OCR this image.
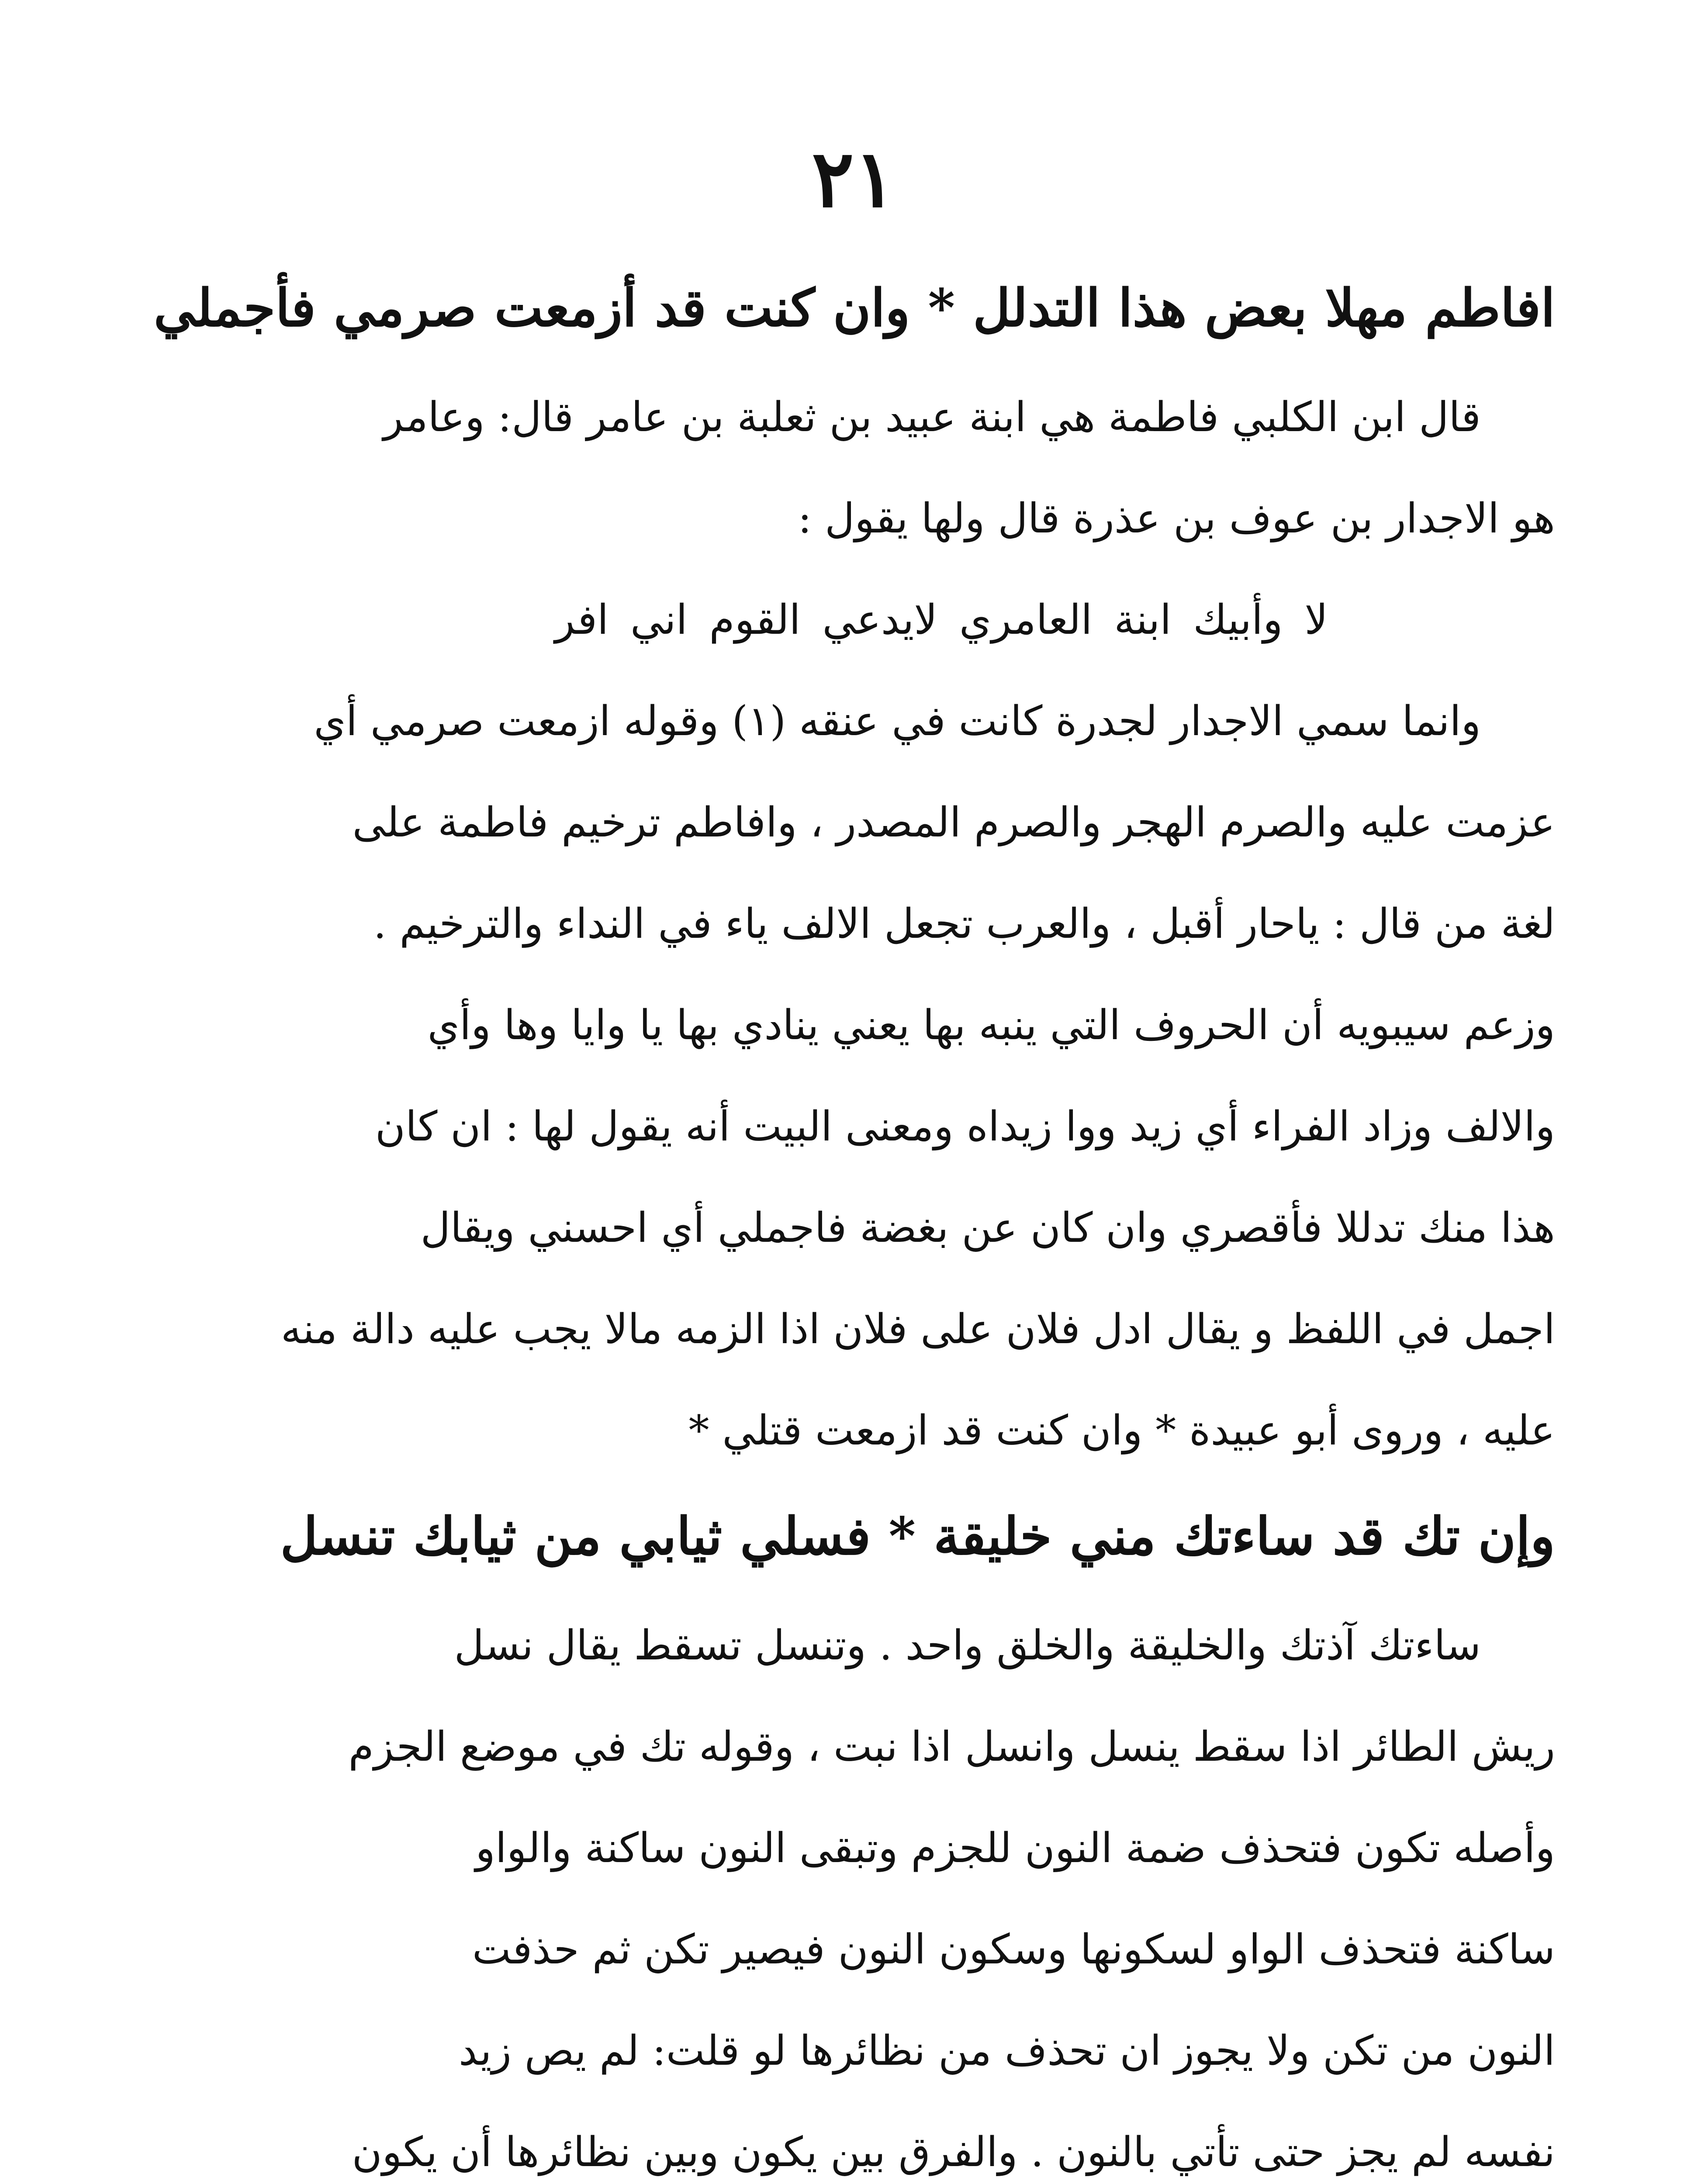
٢١
افاطم مهلا بعض هذا التدلل * وان كنت قد أزمعت صرمي فأجملي
قال ابن الكلبي فاطمة هي ابنة عبيد بن ثعلبة بن عامر قال: وعامر
هو الاجدار بن عوف بن عذرة قال ولها يقول :
لا وأبيك ابنة العامري لايدعي القوم اني افر
وانما سمي الاجدار لجدرة كانت في عنقه (١) وقوله ازمعت صرمي أي
عزمت عليه والصرم الهجر والصرم المصدر ، وافاطم ترخيم فاطمة على
لغة من قال : ياحار أقبل ، والعرب تجعل الالف ياء في النداء والترخيم .
وزعم سيبويه أن الحروف التي ينبه بها يعني ينادي بها يا وايا وها وأي
والالف وزاد الفراء أي زيد ووا زيداه ومعنى البيت أنه يقول لها : ان كان
هذا منك تدللا فأقصري وان كان عن بغضة فاجملي أي احسني ويقال
اجمل في اللفظ و يقال ادل فلان على فلان اذا الزمه مالا يجب عليه دالة منه
عليه ، وروى أبو عبيدة * وان كنت قد ازمعت قتلي *
وإن تك قد ساءتك مني خليقة * فسلي ثيابي من ثيابك تنسل
ساءتك آذتك والخليقة والخلق واحد . وتنسل تسقط يقال نسل
ريش الطائر اذا سقط ينسل وانسل اذا نبت ، وقوله تك في موضع الجزم
وأصله تكون فتحذف ضمة النون للجزم وتبقى النون ساكنة والواو
ساكنة فتحذف الواو لسكونها وسكون النون فيصير تكن ثم حذفت
النون من تكن ولا يجوز ان تحذف من نظائرها لو قلت: لم يص زيد
نفسه لم يجز حتى تأتي بالنون . والفرق بين يكون وبين نظائرها أن يكون
